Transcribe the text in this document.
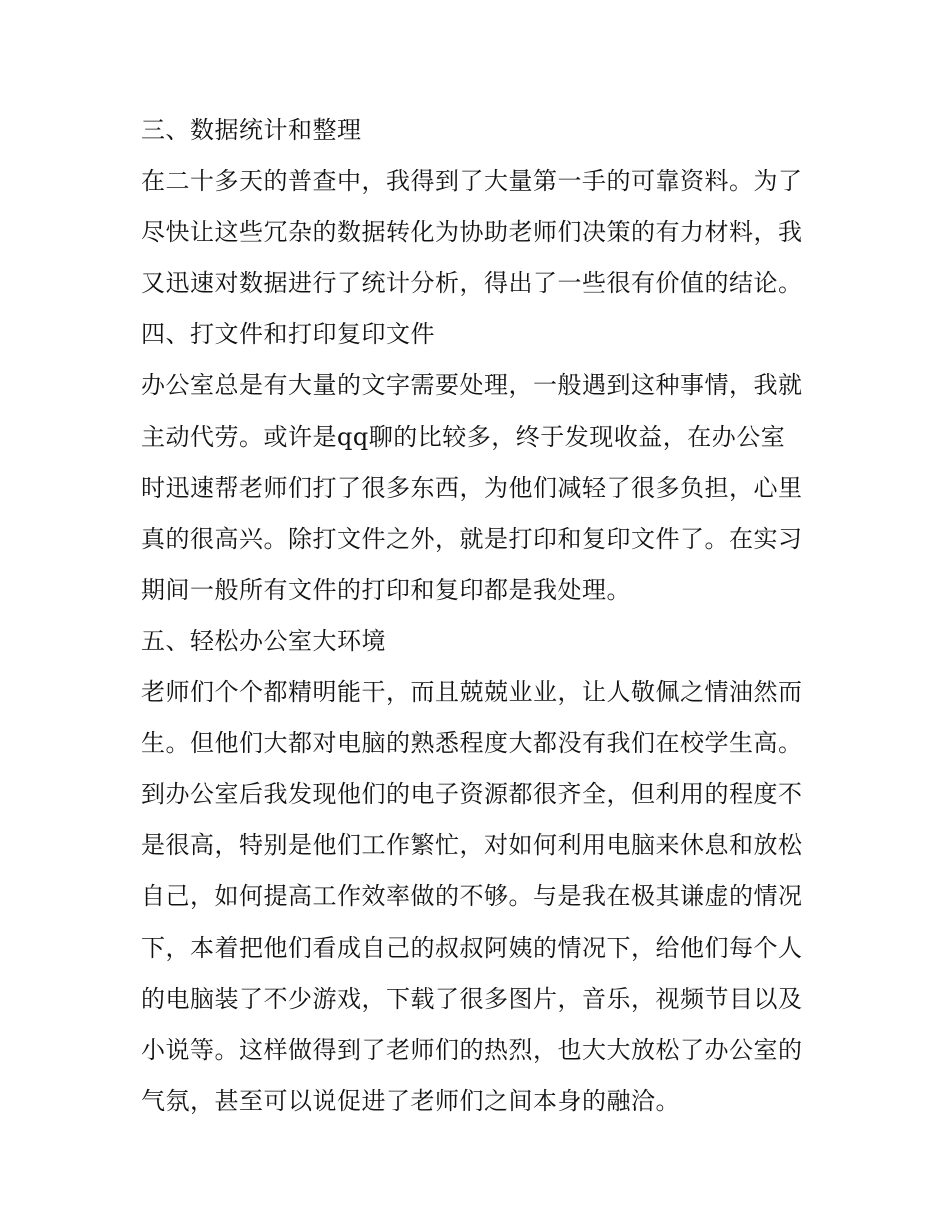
三、数据统计和整理
在二十多天的普查中，我得到了大量第一手的可靠资料。为了
尽快让这些冗杂的数据转化为协助老师们决策的有力材料，我
又迅速对数据进行了统计分析，得出了一些很有价值的结论。
四、打文件和打印复印文件
办公室总是有大量的文字需要处理，一般遇到这种事情，我就
主动代劳。或许是qq聊的比较多，终于发现收益，在办公室
时迅速帮老师们打了很多东西，为他们减轻了很多负担，心里
真的很高兴。除打文件之外，就是打印和复印文件了。在实习
期间一般所有文件的打印和复印都是我处理。
五、轻松办公室大环境
老师们个个都精明能干，而且兢兢业业，让人敬佩之情油然而
生。但他们大都对电脑的熟悉程度大都没有我们在校学生高。
到办公室后我发现他们的电子资源都很齐全，但利用的程度不
是很高，特别是他们工作繁忙，对如何利用电脑来休息和放松
自己，如何提高工作效率做的不够。与是我在极其谦虚的情况
下，本着把他们看成自己的叔叔阿姨的情况下，给他们每个人
的电脑装了不少游戏，下载了很多图片，音乐，视频节目以及
小说等。这样做得到了老师们的热烈，也大大放松了办公室的
气氛，甚至可以说促进了老师们之间本身的融洽。
